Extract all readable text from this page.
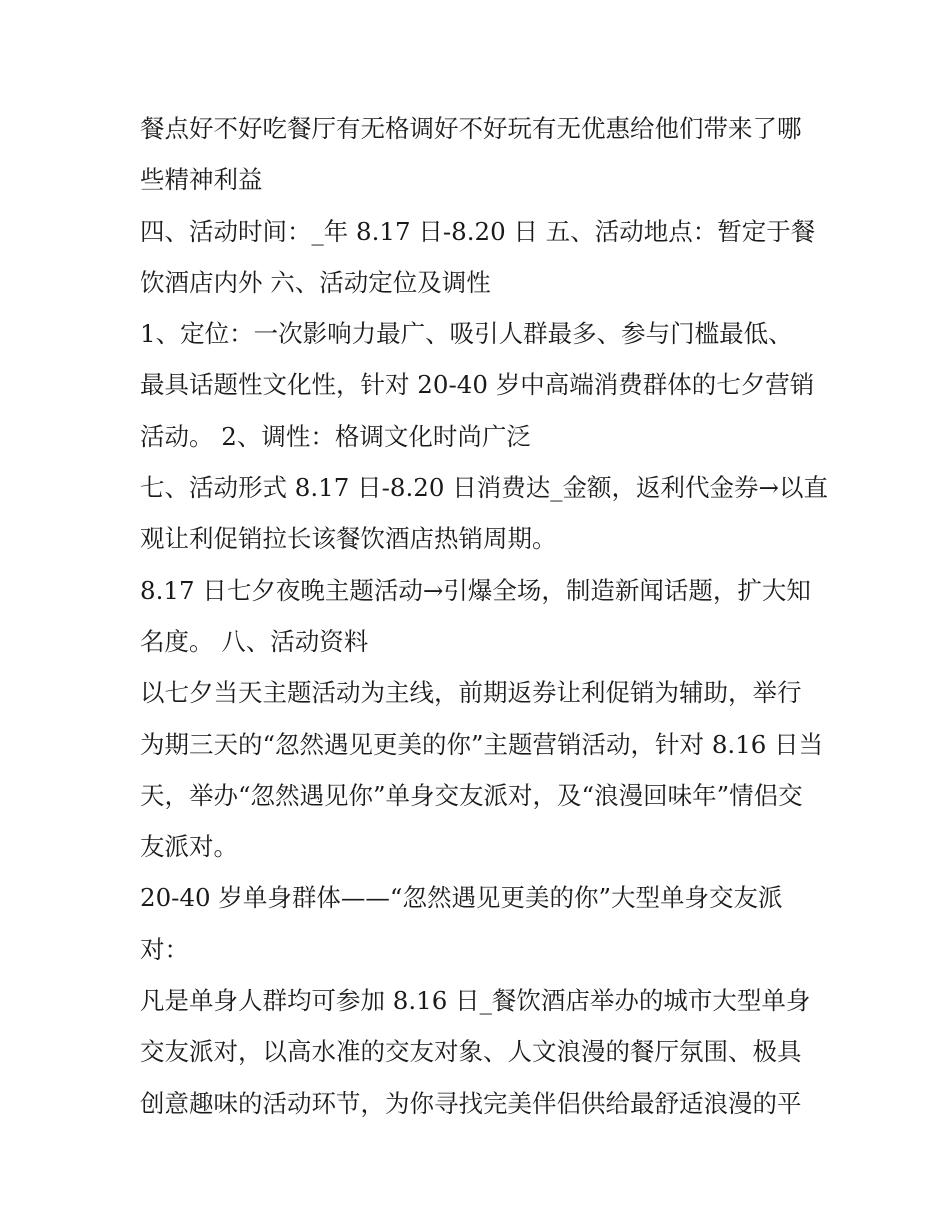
餐点好不好吃餐厅有无格调好不好玩有无优惠给他们带来了哪
些精神利益
四、活动时间：_年 8.17 日-8.20 日 五、活动地点：暂定于餐
饮酒店内外 六、活动定位及调性
1、定位：一次影响力最广、吸引人群最多、参与门槛最低、
最具话题性文化性，针对 20-40 岁中高端消费群体的七夕营销
活动。 2、调性：格调文化时尚广泛
七、活动形式 8.17 日-8.20 日消费达_金额，返利代金券→以直
观让利促销拉长该餐饮酒店热销周期。
8.17 日七夕夜晚主题活动→引爆全场，制造新闻话题，扩大知
名度。 八、活动资料
以七夕当天主题活动为主线，前期返券让利促销为辅助，举行
为期三天的“忽然遇见更美的你”主题营销活动，针对 8.16 日当
天，举办“忽然遇见你”单身交友派对，及“浪漫回味年”情侣交
友派对。
20-40 岁单身群体——“忽然遇见更美的你”大型单身交友派
对：
凡是单身人群均可参加 8.16 日_餐饮酒店举办的城市大型单身
交友派对，以高水准的交友对象、人文浪漫的餐厅氛围、极具
创意趣味的活动环节，为你寻找完美伴侣供给最舒适浪漫的平
